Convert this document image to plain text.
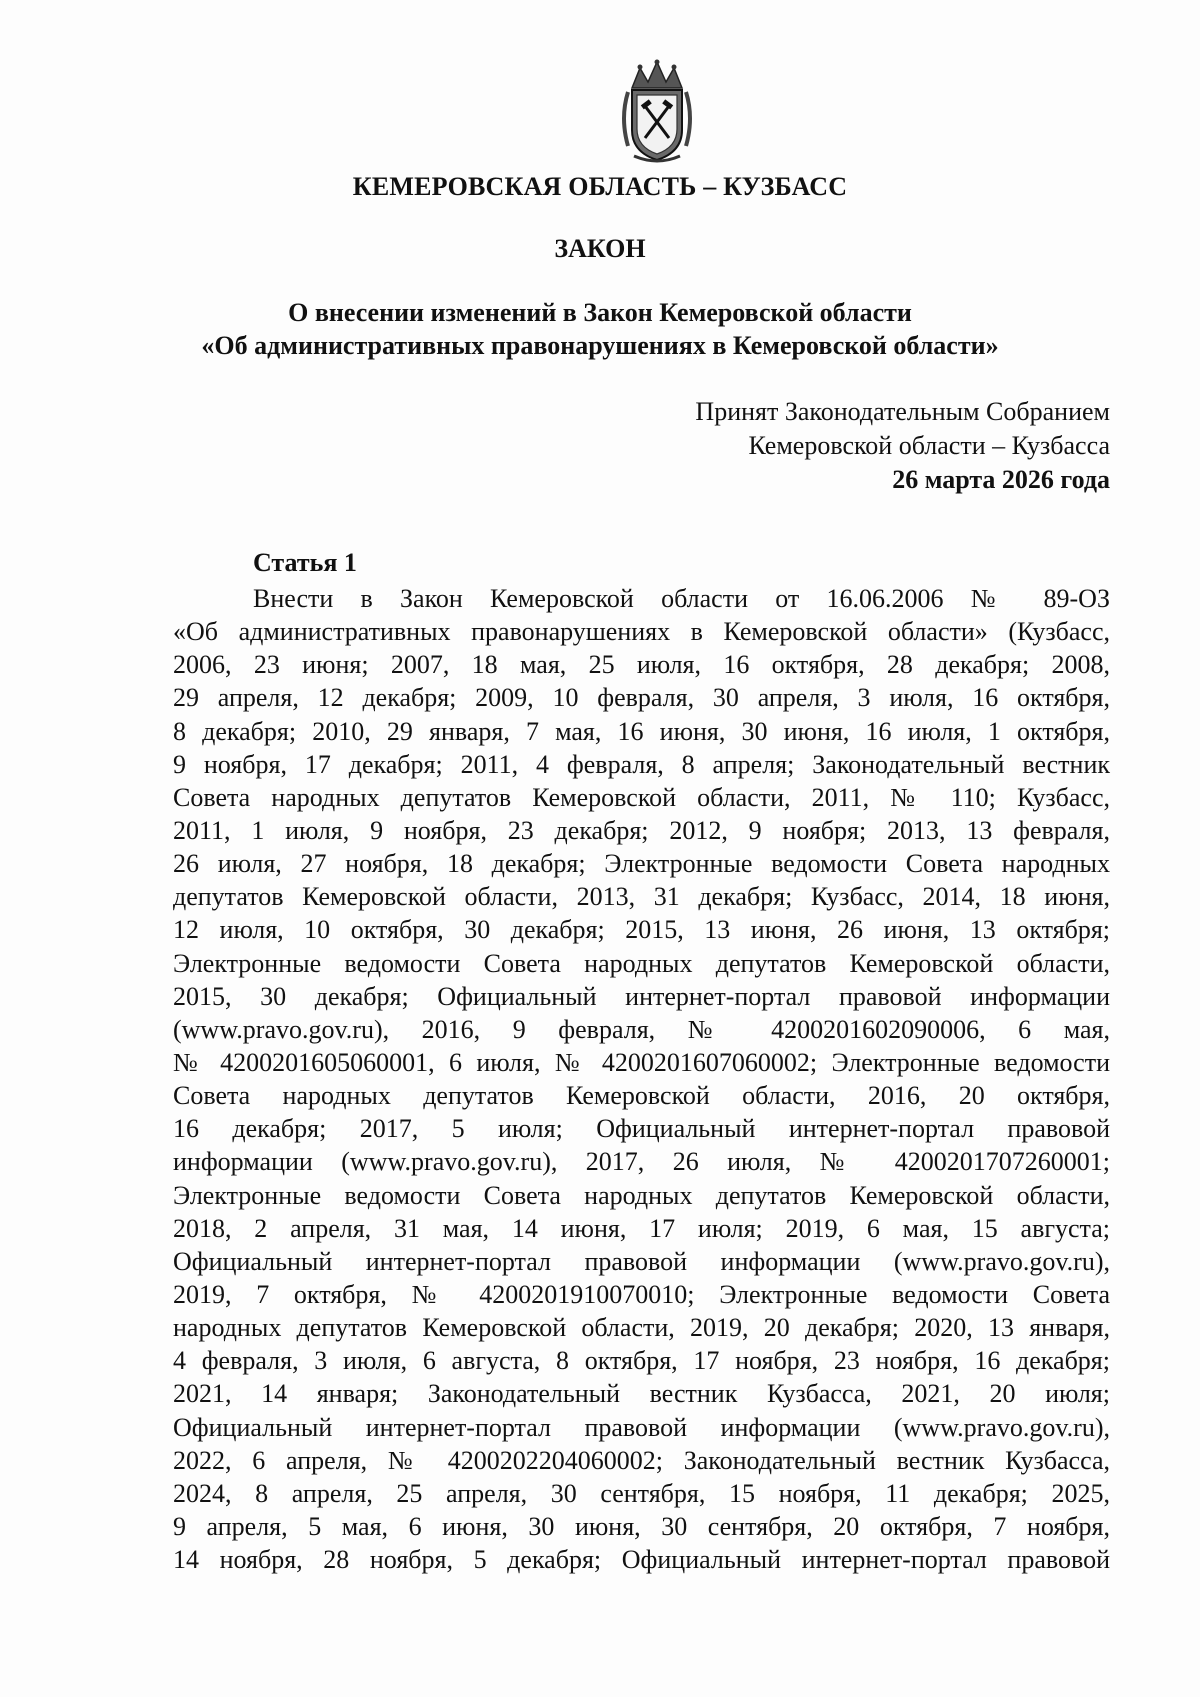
КЕМЕРОВСКАЯ ОБЛАСТЬ – КУЗБАСС
ЗАКОН
О внесении изменений в Закон Кемеровской области
«Об административных правонарушениях в Кемеровской области»
Принят Законодательным Собранием
Кемеровской области – Кузбасса
26 марта 2026 года
Статья 1
Внести в Закон Кемеровской области от 16.06.2006 № 89-ОЗ
«Об административных правонарушениях в Кемеровской области» (Кузбасс,
2006, 23 июня; 2007, 18 мая, 25 июля, 16 октября, 28 декабря; 2008,
29 апреля, 12 декабря; 2009, 10 февраля, 30 апреля, 3 июля, 16 октября,
8 декабря; 2010, 29 января, 7 мая, 16 июня, 30 июня, 16 июля, 1 октября,
9 ноября, 17 декабря; 2011, 4 февраля, 8 апреля; Законодательный вестник
Совета народных депутатов Кемеровской области, 2011, № 110; Кузбасс,
2011, 1 июля, 9 ноября, 23 декабря; 2012, 9 ноября; 2013, 13 февраля,
26 июля, 27 ноября, 18 декабря; Электронные ведомости Совета народных
депутатов Кемеровской области, 2013, 31 декабря; Кузбасс, 2014, 18 июня,
12 июля, 10 октября, 30 декабря; 2015, 13 июня, 26 июня, 13 октября;
Электронные ведомости Совета народных депутатов Кемеровской области,
2015, 30 декабря; Официальный интернет-портал правовой информации
(www.pravo.gov.ru), 2016, 9 февраля, № 4200201602090006, 6 мая,
№ 4200201605060001, 6 июля, № 4200201607060002; Электронные ведомости
Совета народных депутатов Кемеровской области, 2016, 20 октября,
16 декабря; 2017, 5 июля; Официальный интернет-портал правовой
информации (www.pravo.gov.ru), 2017, 26 июля, № 4200201707260001;
Электронные ведомости Совета народных депутатов Кемеровской области,
2018, 2 апреля, 31 мая, 14 июня, 17 июля; 2019, 6 мая, 15 августа;
Официальный интернет-портал правовой информации (www.pravo.gov.ru),
2019, 7 октября, № 4200201910070010; Электронные ведомости Совета
народных депутатов Кемеровской области, 2019, 20 декабря; 2020, 13 января,
4 февраля, 3 июля, 6 августа, 8 октября, 17 ноября, 23 ноября, 16 декабря;
2021, 14 января; Законодательный вестник Кузбасса, 2021, 20 июля;
Официальный интернет-портал правовой информации (www.pravo.gov.ru),
2022, 6 апреля, № 4200202204060002; Законодательный вестник Кузбасса,
2024, 8 апреля, 25 апреля, 30 сентября, 15 ноября, 11 декабря; 2025,
9 апреля, 5 мая, 6 июня, 30 июня, 30 сентября, 20 октября, 7 ноября,
14 ноября, 28 ноября, 5 декабря; Официальный интернет-портал правовой
